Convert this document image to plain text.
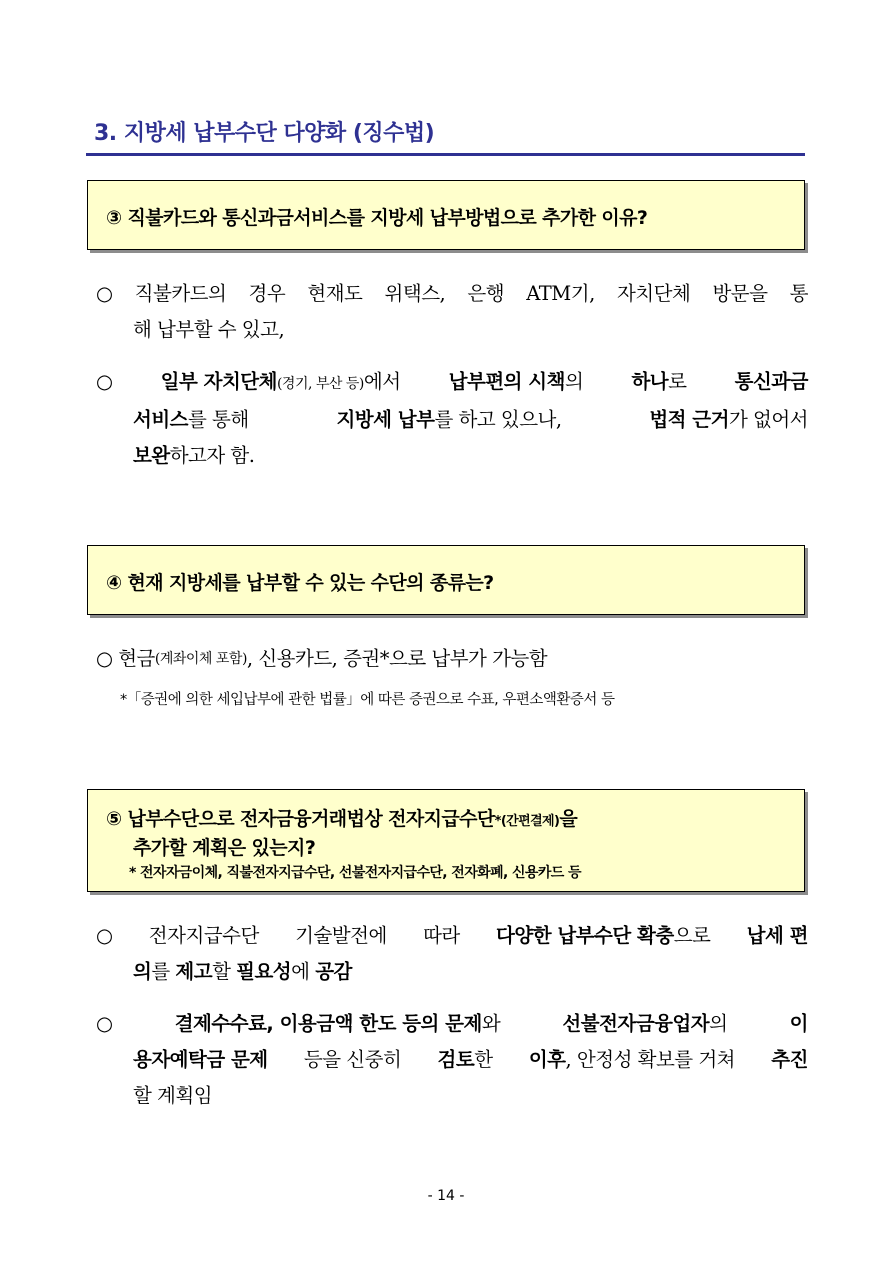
3. 지방세 납부수단 다양화 (징수법)
③ 직불카드와 통신과금서비스를 지방세 납부방법으로 추가한 이유?
○ 직불카드의 경우 현재도 위택스, 은행 ATM기, 자치단체 방문을 통
해 납부할 수 있고,
○ 일부 자치단체(경기, 부산 등)에서 납부편의 시책의 하나로 통신과금
서비스를 통해	지방세 납부를 하고 있으나,	법적 근거가 없어서
보완 하고자 함.
④ 현재 지방세를 납부할 수 있는 수단의 종류는?
○ 현금 (계좌이체 포함) , 신용카드, 증권*으로 납부가 가능함
*「증권에 의한 세입납부에 관한 법률」에 따른 증권으로 수표, 우편소액환증서 등
⑤ 납부수단으로 전자금융거래법상 전자지급수단*(간편결제)을
추가할 계획은 있는지?
* 전자자금이체, 직불전자지급수단, 선불전자지급수단, 전자화폐, 신용카드 등
○ 전자지급수단 기술발전에 따라 다양한 납부수단 확충으로 납세 편
의 를
제고 할
필요성 에
공감
○	결제수수료, 이용금액 한도 등의 문제와	선불전자금융업자의	이
용자예탁금 문제 등을 신중히 검토한 이후, 안정성 확보를 거쳐 추진
할 계획임
- 14 -
